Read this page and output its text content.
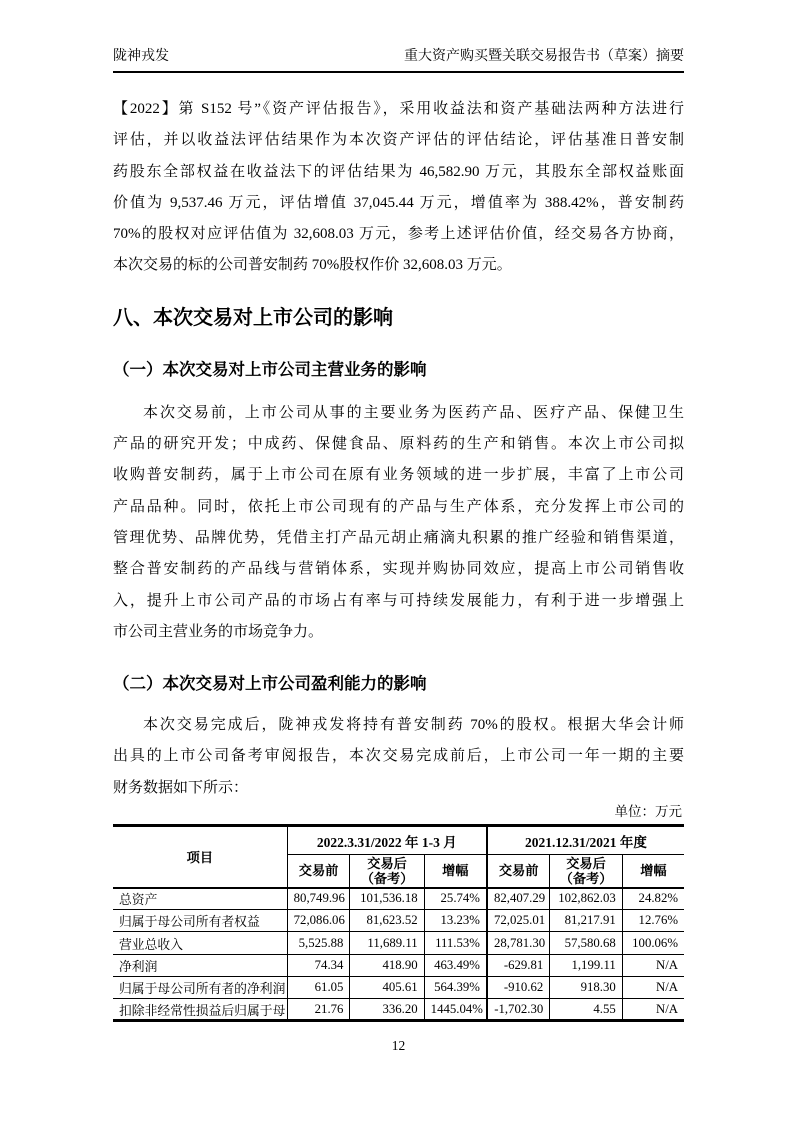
陇神戎发	重大资产购买暨关联交易报告书（草案）摘要
【2022】第 S152 号”《资产评估报告》，采用收益法和资产基础法两种方法进行
评估，并以收益法评估结果作为本次资产评估的评估结论，评估基准日普安制
药股东全部权益在收益法下的评估结果为 46,582.90 万元，其股东全部权益账面
价值为 9,537.46 万元，评估增值 37,045.44 万元，增值率为 388.42%，普安制药
70%的股权对应评估值为 32,608.03 万元，参考上述评估价值，经交易各方协商，
本次交易的标的公司普安制药 70%股权作价 32,608.03 万元。
八、本次交易对上市公司的影响
（一）本次交易对上市公司主营业务的影响
本次交易前，上市公司从事的主要业务为医药产品、医疗产品、保健卫生
产品的研究开发；中成药、保健食品、原料药的生产和销售。本次上市公司拟
收购普安制药，属于上市公司在原有业务领域的进一步扩展，丰富了上市公司
产品品种。同时，依托上市公司现有的产品与生产体系，充分发挥上市公司的
管理优势、品牌优势，凭借主打产品元胡止痛滴丸积累的推广经验和销售渠道，
整合普安制药的产品线与营销体系，实现并购协同效应，提高上市公司销售收
入，提升上市公司产品的市场占有率与可持续发展能力，有利于进一步增强上
市公司主营业务的市场竞争力。
（二）本次交易对上市公司盈利能力的影响
本次交易完成后，陇神戎发将持有普安制药 70%的股权。根据大华会计师
出具的上市公司备考审阅报告，本次交易完成前后，上市公司一年一期的主要
财务数据如下所示：
单位：万元
项目	2022.3.31/2022 年 1-3 月			2021.12.31/2021 年度		
	交易前	交易后
（备考）	增幅	交易前	交易后
（备考）	增幅
总资产	80,749.96	101,536.18	25.74%	82,407.29	102,862.03	24.82%
归属于母公司所有者权益	72,086.06	81,623.52	13.23%	72,025.01	81,217.91	12.76%
营业总收入	5,525.88	11,689.11	111.53%	28,781.30	57,580.68	100.06%
净利润	74.34	418.90	463.49%	-629.81	1,199.11	N/A
归属于母公司所有者的净利润	61.05	405.61	564.39%	-910.62	918.30	N/A
扣除非经常性损益后归属于母	21.76	336.20	1445.04%	-1,702.30	4.55	N/A
12
